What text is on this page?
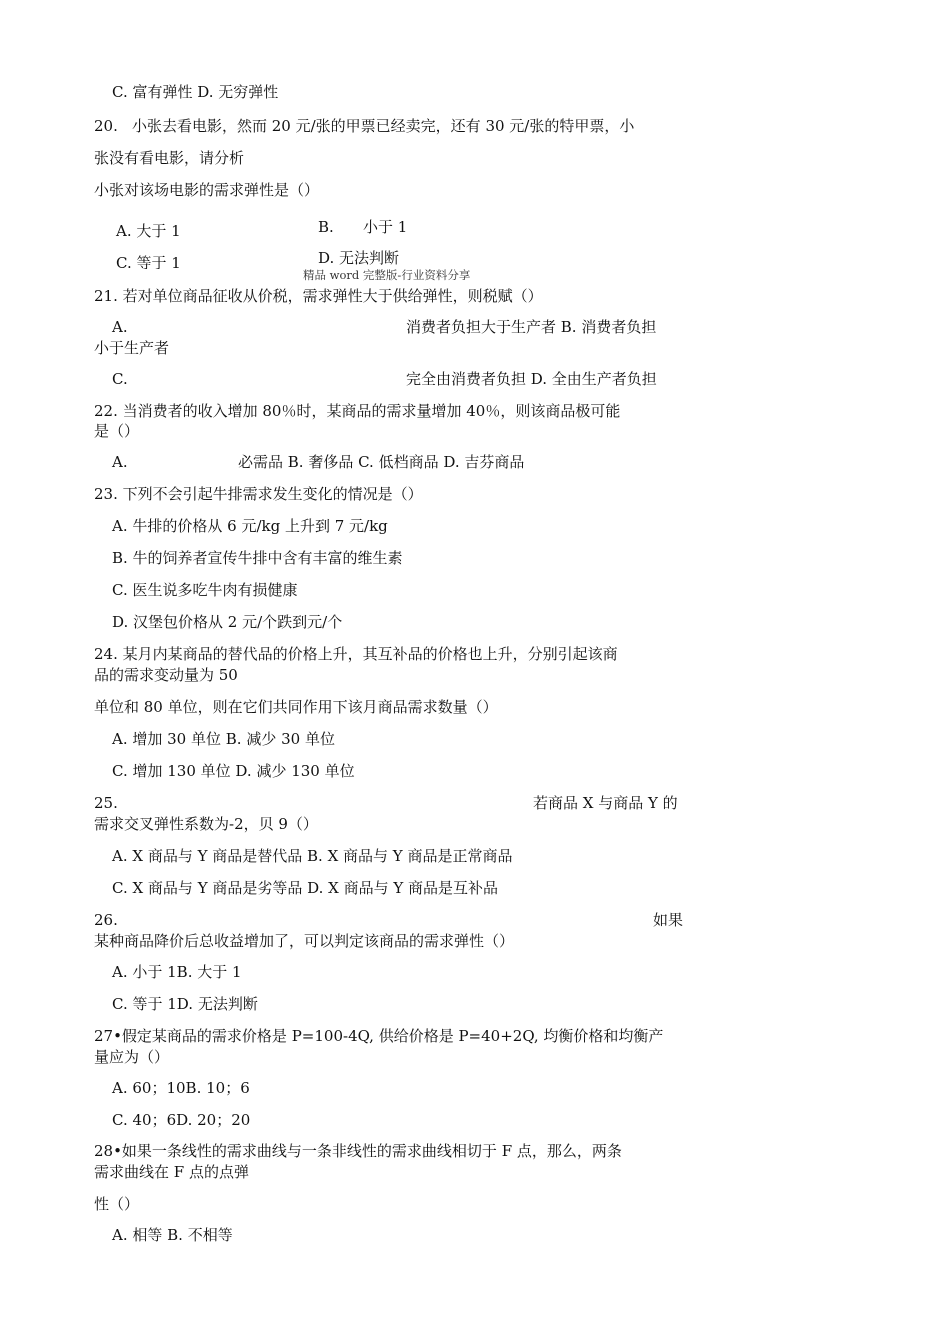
C. 富有弹性 D. 无穷弹性
20. 小张去看电影，然而 20 元/张的甲票已经卖完，还有 30 元/张的特甲票，小
张没有看电影，请分析
小张对该场电影的需求弹性是（）
A. 大于 1	B. 小于 1
C. 等于 1	D. 无法判断
精品 word 完整版-行业资料分享
21. 若对单位商品征收从价税，需求弹性大于供给弹性，则税赋（）
A.	消费者负担大于生产者 B. 消费者负担
小于生产者
C.	完全由消费者负担 D. 全由生产者负担
22. 当消费者的收入增加 80％时，某商品的需求量增加 40％，则该商品极可能
是（）
A.	必需品 B. 奢侈品 C. 低档商品 D. 吉芬商品
23. 下列不会引起牛排需求发生变化的情况是（）
A. 牛排的价格从 6 元/kg 上升到 7 元/kg
B. 牛的饲养者宣传牛排中含有丰富的维生素
C. 医生说多吃牛肉有损健康
D. 汉堡包价格从 2 元/个跌到元/个
24. 某月内某商品的替代品的价格上升，其互补品的价格也上升，分别引起该商
品的需求变动量为 50
单位和 80 单位，则在它们共同作用下该月商品需求数量（）
A. 增加 30 单位 B. 减少 30 单位
C. 增加 130 单位 D. 减少 130 单位
25.	若商品 X 与商品 Y 的
需求交叉弹性系数为-2，贝 9（）
A. X 商品与 Y 商品是替代品 B. X 商品与 Y 商品是正常商品
C. X 商品与 Y 商品是劣等品 D. X 商品与 Y 商品是互补品
26.	如果
某种商品降价后总收益增加了，可以判定该商品的需求弹性（）
A. 小于 1B. 大于 1
C. 等于 1D. 无法判断
27•假定某商品的需求价格是 P=100-4Q, 供给价格是 P=40+2Q, 均衡价格和均衡产
量应为（）
A. 60；10B. 10；6
C. 40；6D. 20；20
28•如果一条线性的需求曲线与一条非线性的需求曲线相切于 F 点，那么，两条
需求曲线在 F 点的点弹
性（）
A. 相等 B. 不相等
